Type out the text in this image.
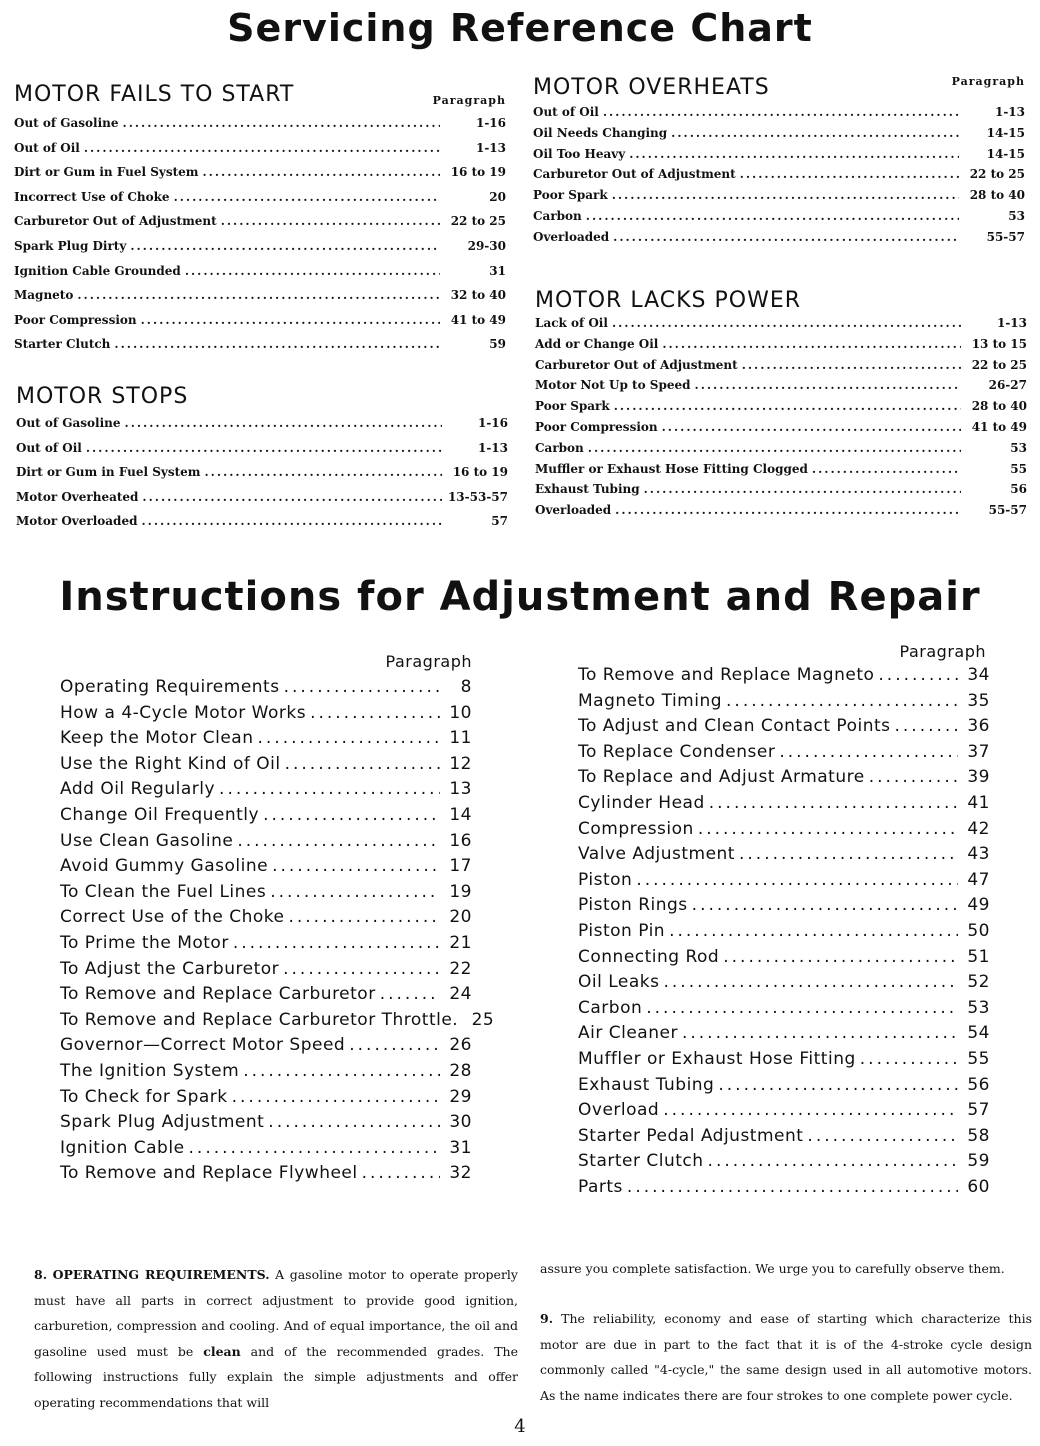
Servicing Reference Chart
MOTOR FAILS TO START	Paragraph
Out of Gasoline .....	1-16
Out of Oil .....	1-13
Dirt or Gum in Fuel System .....	16 to 19
Incorrect Use of Choke .....	20
Carburetor Out of Adjustment .....	22 to 25
Spark Plug Dirty .....	29-30
Ignition Cable Grounded .....	31
Magneto .....	32 to 40
Poor Compression .....	41 to 49
Starter Clutch .....	59
MOTOR STOPS
Out of Gasoline .....	1-16
Out of Oil .....	1-13
Dirt or Gum in Fuel System .....	16 to 19
Motor Overheated .....	13-53-57
Motor Overloaded .....	57
MOTOR OVERHEATS	Paragraph
Out of Oil .....	1-13
Oil Needs Changing .....	14-15
Oil Too Heavy .....	14-15
Carburetor Out of Adjustment .....	22 to 25
Poor Spark .....	28 to 40
Carbon .....	53
Overloaded .....	55-57
MOTOR LACKS POWER
Lack of Oil .....	1-13
Add or Change Oil .....	13 to 15
Carburetor Out of Adjustment .....	22 to 25
Motor Not Up to Speed .....	26-27
Poor Spark .....	28 to 40
Poor Compression .....	41 to 49
Carbon .....	53
Muffler or Exhaust Hose Fitting Clogged .....	55
Exhaust Tubing .....	56
Overloaded .....	55-57
Instructions for Adjustment and Repair
Paragraph
Operating Requirements .....	8
How a 4-Cycle Motor Works .....	10
Keep the Motor Clean .....	11
Use the Right Kind of Oil .....	12
Add Oil Regularly .....	13
Change Oil Frequently .....	14
Use Clean Gasoline .....	16
Avoid Gummy Gasoline .....	17
To Clean the Fuel Lines .....	19
Correct Use of the Choke .....	20
To Prime the Motor .....	21
To Adjust the Carburetor .....	22
To Remove and Replace Carburetor .....	24
To Remove and Replace Carburetor Throttle. 25
Governor—Correct Motor Speed .....	26
The Ignition System .....	28
To Check for Spark .....	29
Spark Plug Adjustment .....	30
Ignition Cable .....	31
To Remove and Replace Flywheel .....	32
Paragraph
To Remove and Replace Magneto .....	34
Magneto Timing .....	35
To Adjust and Clean Contact Points .....	36
To Replace Condenser .....	37
To Replace and Adjust Armature .....	39
Cylinder Head .....	41
Compression .....	42
Valve Adjustment .....	43
Piston .....	47
Piston Rings .....	49
Piston Pin .....	50
Connecting Rod .....	51
Oil Leaks .....	52
Carbon .....	53
Air Cleaner .....	54
Muffler or Exhaust Hose Fitting .....	55
Exhaust Tubing .....	56
Overload .....	57
Starter Pedal Adjustment .....	58
Starter Clutch .....	59
Parts .....	60
8. OPERATING REQUIREMENTS. A gasoline motor to operate properly must have all parts in correct adjustment to provide good ignition, carburetion, compression and cooling. And of equal importance, the oil and gasoline used must be clean and of the recommended grades. The following instructions fully explain the simple adjustments and offer operating recommendations that will
9. The reliability, economy and ease of starting which characterize this motor are due in part to the fact that it is of the 4-stroke cycle design commonly called "4-cycle," the same design used in all automotive motors. As the name indicates there are four strokes to one complete power cycle.
4
assure you complete satisfaction. We urge you to carefully observe them.
